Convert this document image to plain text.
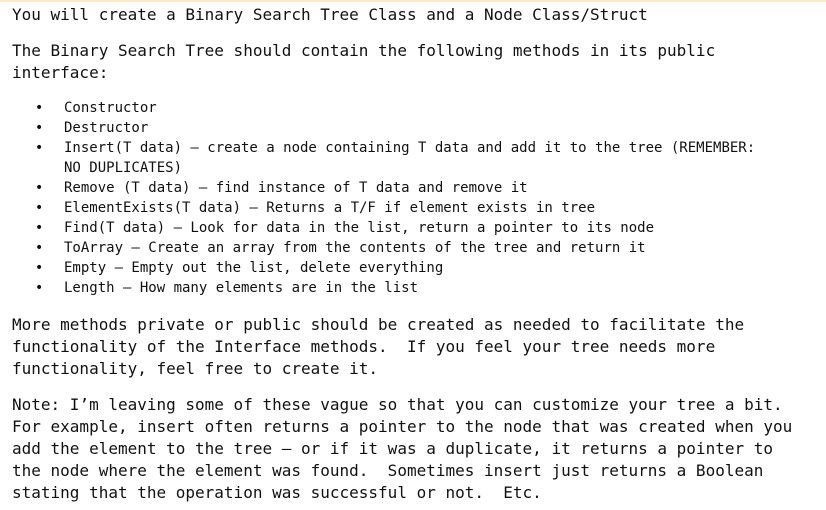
You will create a Binary Search Tree Class and a Node Class/Struct

The Binary Search Tree should contain the following methods in its public

interface:

• Constructor
• Destructor
• Insert(T data) – create a node containing T data and add it to the tree (REMEMBER:
NO DUPLICATES)
• Remove (T data) – find instance of T data and remove it
• ElementExists(T data) – Returns a T/F if element exists in tree
• Find(T data) – Look for data in the list, return a pointer to its node
• ToArray – Create an array from the contents of the tree and return it
• Empty – Empty out the list, delete everything
• Length – How many elements are in the list

More methods private or public should be created as needed to facilitate the

functionality of the Interface methods.  If you feel your tree needs more

functionality, feel free to create it.

Note: I’m leaving some of these vague so that you can customize your tree a bit.

For example, insert often returns a pointer to the node that was created when you

add the element to the tree – or if it was a duplicate, it returns a pointer to

the node where the element was found.  Sometimes insert just returns a Boolean

stating that the operation was successful or not.  Etc.
